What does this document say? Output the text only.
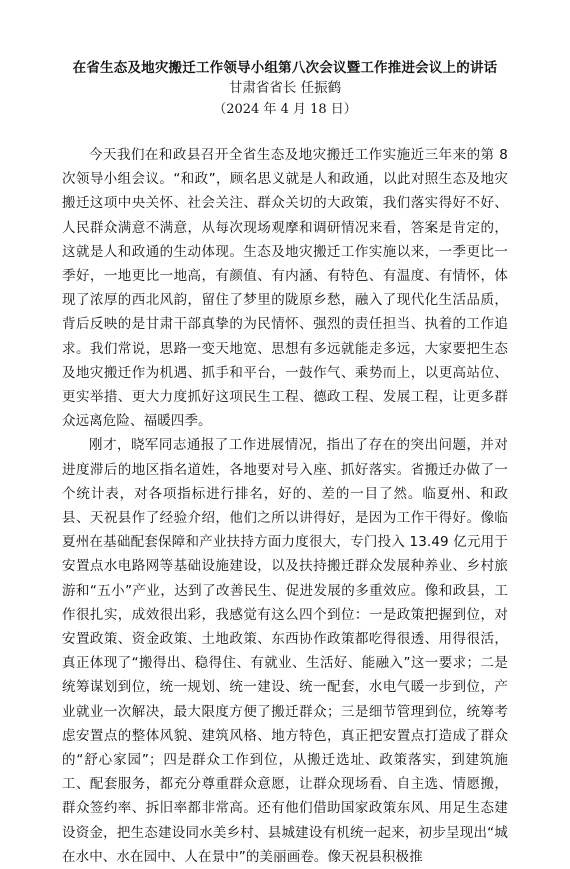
在省生态及地灾搬迁工作领导小组第八次会议暨工作推进会议上的讲话

甘肃省省长 任振鹤

（2024 年 4 月 18 日）

今天我们在和政县召开全省生态及地灾搬迁工作实施近三年来的第 8 次领导小组会议。“和政”，顾名思义就是人和政通，以此对照生态及地灾搬迁这项中央关怀、社会关注、群众关切的大政策，我们落实得好不好、人民群众满意不满意，从每次现场观摩和调研情况来看，答案是肯定的，这就是人和政通的生动体现。生态及地灾搬迁工作实施以来，一季更比一季好，一地更比一地高，有颜值、有内涵、有特色、有温度、有情怀，体现了浓厚的西北风韵，留住了梦里的陇原乡愁，融入了现代化生活品质，背后反映的是甘肃干部真挚的为民情怀、强烈的责任担当、执着的工作追求。我们常说，思路一变天地宽、思想有多远就能走多远，大家要把生态及地灾搬迁作为机遇、抓手和平台，一鼓作气、乘势而上，以更高站位、更实举措、更大力度抓好这项民生工程、德政工程、发展工程，让更多群众远离危险、福暖四季。

刚才，晓军同志通报了工作进展情况，指出了存在的突出问题，并对进度滞后的地区指名道姓，各地要对号入座、抓好落实。省搬迁办做了一个统计表，对各项指标进行排名，好的、差的一目了然。临夏州、和政县、天祝县作了经验介绍，他们之所以讲得好，是因为工作干得好。像临夏州在基础配套保障和产业扶持方面力度很大，专门投入 13.49 亿元用于安置点水电路网等基础设施建设，以及扶持搬迁群众发展种养业、乡村旅游和“五小”产业，达到了改善民生、促进发展的多重效应。像和政县，工作很扎实，成效很出彩，我感觉有这么四个到位：一是政策把握到位，对安置政策、资金政策、土地政策、东西协作政策都吃得很透、用得很活，真正体现了“搬得出、稳得住、有就业、生活好、能融入”这一要求；二是统筹谋划到位，统一规划、统一建设、统一配套，水电气暖一步到位，产业就业一次解决，最大限度方便了搬迁群众；三是细节管理到位，统筹考虑安置点的整体风貌、建筑风格、地方特色，真正把安置点打造成了群众的“舒心家园”；四是群众工作到位，从搬迁选址、政策落实，到建筑施工、配套服务，都充分尊重群众意愿，让群众现场看、自主选、情愿搬，群众签约率、拆旧率都非常高。还有他们借助国家政策东风、用足生态建设资金，把生态建设同水美乡村、县城建设有机统一起来，初步呈现出“城在水中、水在园中、人在景中”的美丽画卷。像天祝县积极推
